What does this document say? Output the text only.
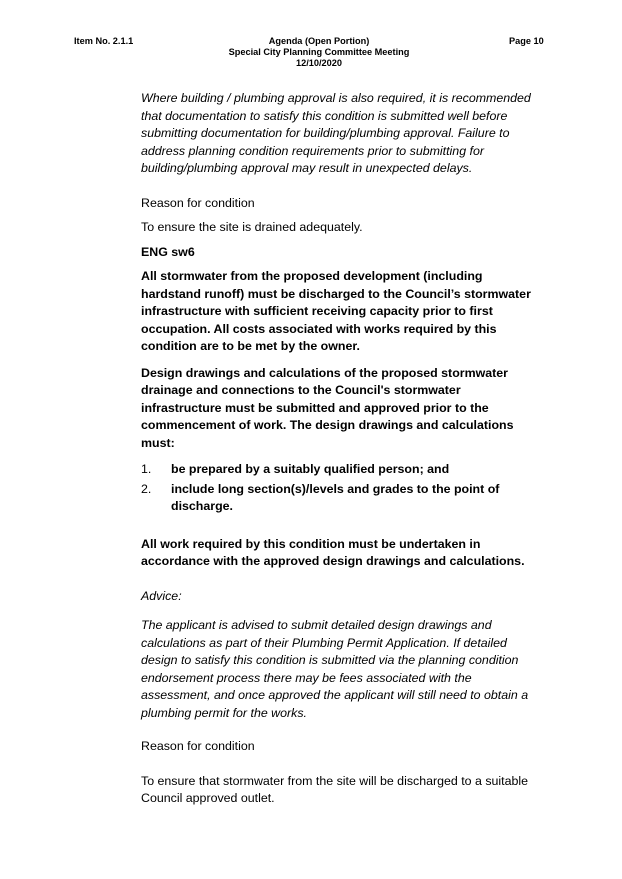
Item No. 2.1.1	Agenda (Open Portion)
Special City Planning Committee Meeting
12/10/2020
Page 10

Where building / plumbing approval is also required, it is recommended that documentation to satisfy this condition is submitted well before submitting documentation for building/plumbing approval. Failure to address planning condition requirements prior to submitting for building/plumbing approval may result in unexpected delays.

Reason for condition

To ensure the site is drained adequately.

ENG sw6

All stormwater from the proposed development (including hardstand runoff) must be discharged to the Council’s stormwater infrastructure with sufficient receiving capacity prior to first occupation. All costs associated with works required by this condition are to be met by the owner.

Design drawings and calculations of the proposed stormwater drainage and connections to the Council's stormwater infrastructure must be submitted and approved prior to the commencement of work. The design drawings and calculations must:

1. be prepared by a suitably qualified person; and
2. include long section(s)/levels and grades to the point of discharge.

All work required by this condition must be undertaken in accordance with the approved design drawings and calculations.

Advice:

The applicant is advised to submit detailed design drawings and calculations as part of their Plumbing Permit Application. If detailed design to satisfy this condition is submitted via the planning condition endorsement process there may be fees associated with the assessment, and once approved the applicant will still need to obtain a plumbing permit for the works.

Reason for condition

To ensure that stormwater from the site will be discharged to a suitable Council approved outlet.
